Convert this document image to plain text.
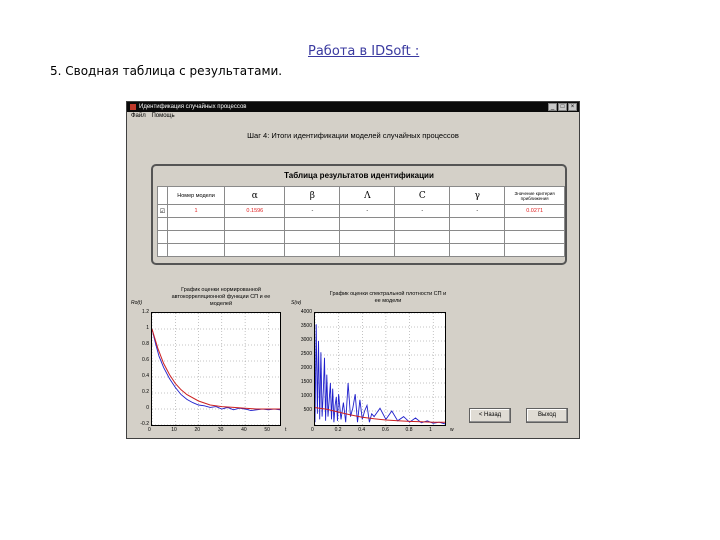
Работа в IDSoft :
5. Сводная таблица с результатами.
Идентификация случайных процессов	_	□	×
Файл Помощь
Шаг 4: Итоги идентификации моделей случайных процессов
Таблица результатов идентификации
	Номер модели	α	β	Λ	C	γ	Значение критерия приближения
☑	1	0.1596	-	-	-	-	0.0271

График оценки нормированной автокорреляционной функции СП и ее моделей
Ro(t)
t
График оценки спектральной плотности СП и ее модели
S(w)
w
< Назад	Выход
1.2
1
0.8
0.6
0.4
0.2
0
-0.2
0	10	20	30	40	50
4000
3500
3000
2500
2000
1500
1000
500
0	0.2	0.4	0.6	0.8	1
